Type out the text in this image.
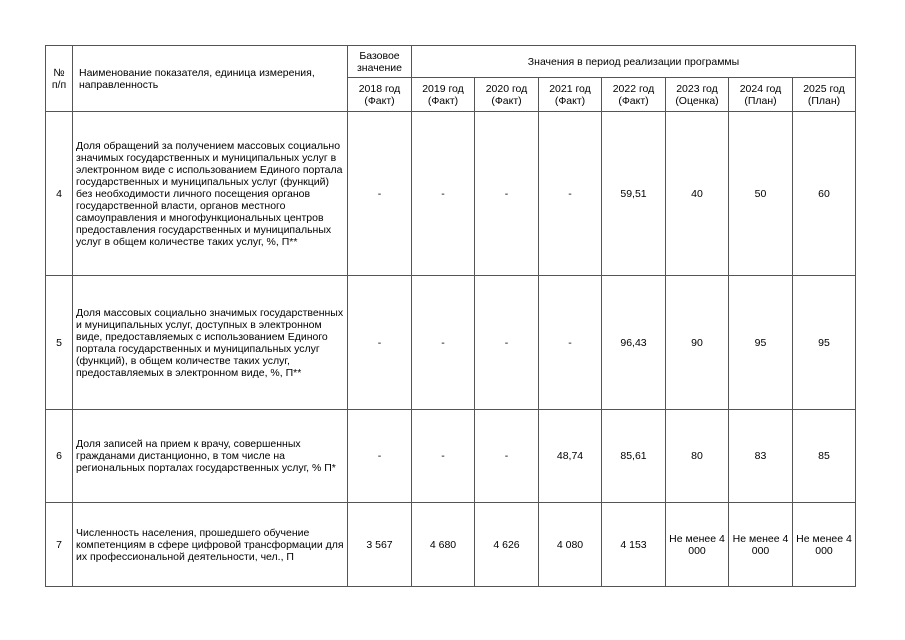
№ п/п	Наименование показателя, единица измерения, направленность	Базовое значение	Значения в период реализации программы						
		2018 год (Факт)	2019 год (Факт)	2020 год (Факт)	2021 год (Факт)	2022 год (Факт)	2023 год (Оценка)	2024 год (План)	2025 год (План)
4	Доля обращений за получением массовых социально значимых государственных и муниципальных услуг в электронном виде с использованием Единого портала государственных и муниципальных услуг (функций) без необходимости личного посещения органов государственной власти, органов местного самоуправления и многофункциональных центров предоставления государственных и муниципальных услуг в общем количестве таких услуг, %, П**	-	-	-	-	59,51	40	50	60
5	Доля массовых социально значимых государственных и муниципальных услуг, доступных в электронном виде, предоставляемых с использованием Единого портала государственных и муниципальных услуг (функций), в общем количестве таких услуг, предоставляемых в электронном виде, %, П**	-	-	-	-	96,43	90	95	95
6	Доля записей на прием к врачу, совершенных гражданами дистанционно, в том числе на региональных порталах государственных услуг, % П*	-	-	-	48,74	85,61	80	83	85
7	Численность населения, прошедшего обучение компетенциям в сфере цифровой трансформации для их профессиональной деятельности, чел., П	3 567	4 680	4 626	4 080	4 153	Не менее 4 000	Не менее 4 000	Не менее 4 000
